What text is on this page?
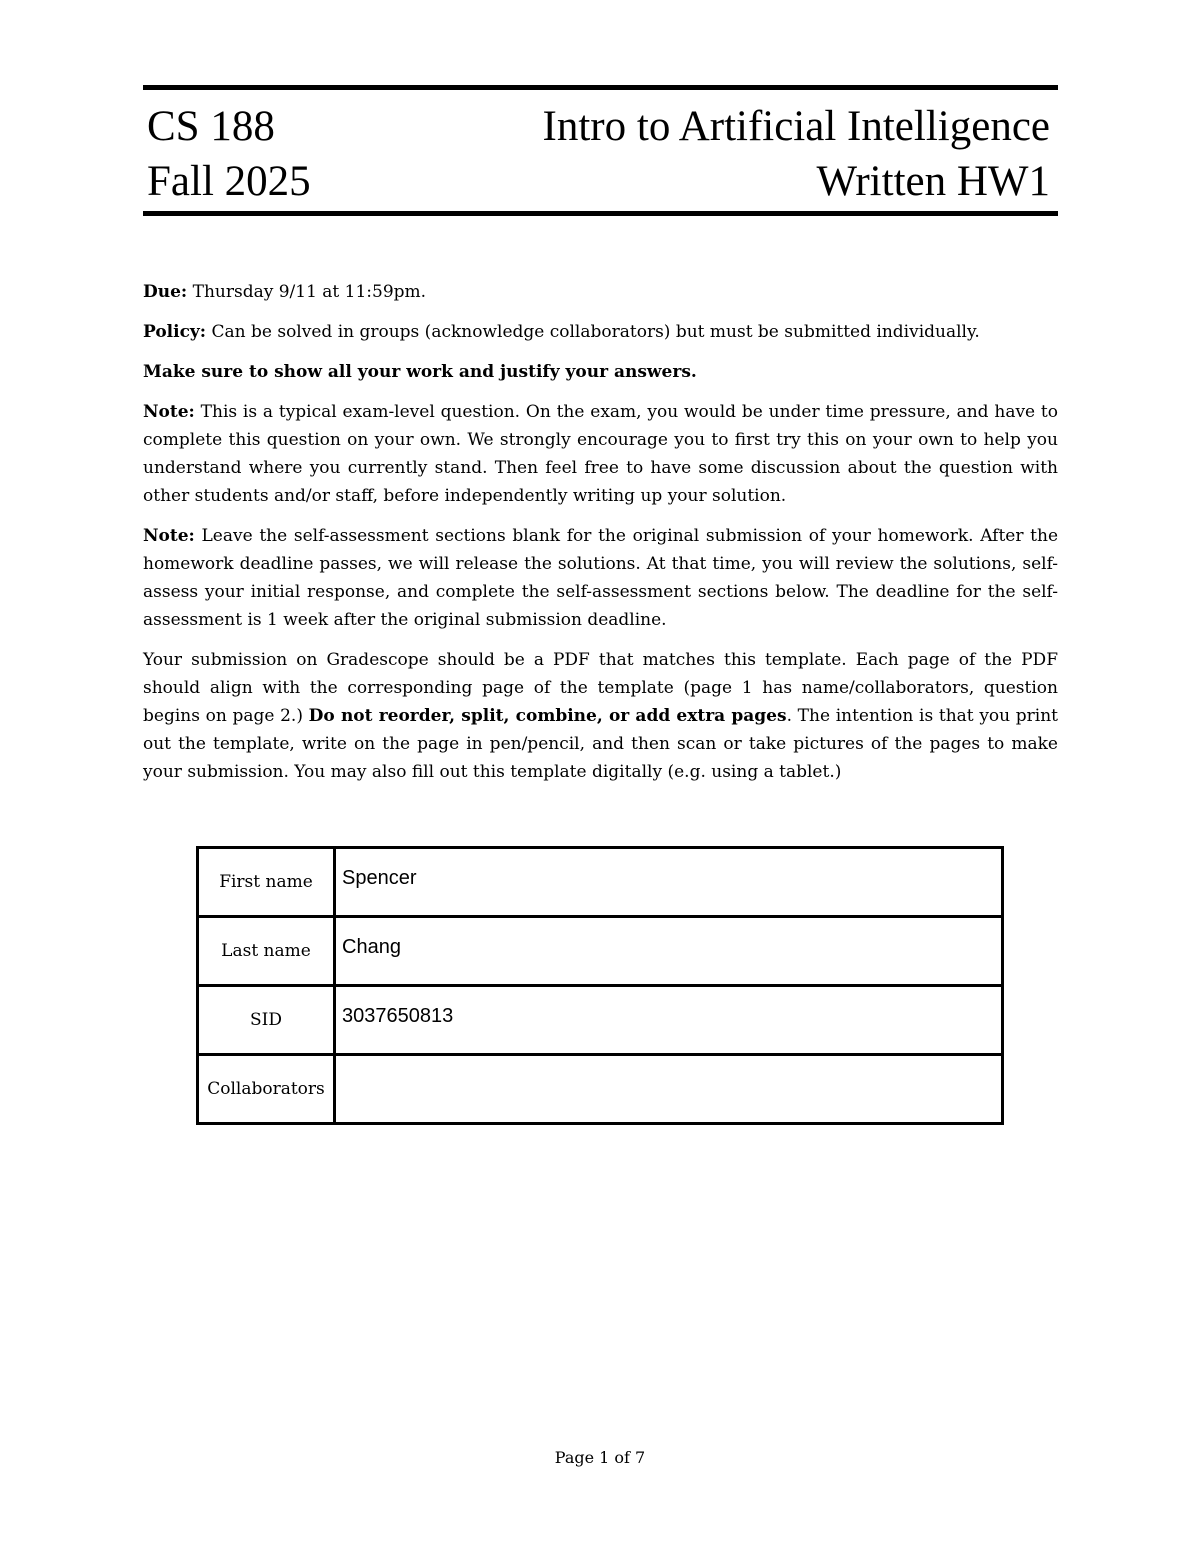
CS 188
Fall 2025
Intro to Artificial Intelligence
Written HW1

Due: Thursday 9/11 at 11:59pm.

Policy: Can be solved in groups (acknowledge collaborators) but must be submitted individually.

Make sure to show all your work and justify your answers.

Note: This is a typical exam-level question. On the exam, you would be under time pressure, and have to complete this question on your own. We strongly encourage you to first try this on your own to help you understand where you currently stand. Then feel free to have some discussion about the question with other students and/or staff, before independently writing up your solution.

Note: Leave the self-assessment sections blank for the original submission of your homework. After the homework deadline passes, we will release the solutions. At that time, you will review the solutions, self-assess your initial response, and complete the self-assessment sections below. The deadline for the self-assessment is 1 week after the original submission deadline.

Your submission on Gradescope should be a PDF that matches this template. Each page of the PDF should align with the corresponding page of the template (page 1 has name/collaborators, question begins on page 2.) Do not reorder, split, combine, or add extra pages. The intention is that you print out the template, write on the page in pen/pencil, and then scan or take pictures of the pages to make your submission. You may also fill out this template digitally (e.g. using a tablet.)

First name	Spencer
Last name	Chang
SID	3037650813
Collaborators	
Page 1 of 7
